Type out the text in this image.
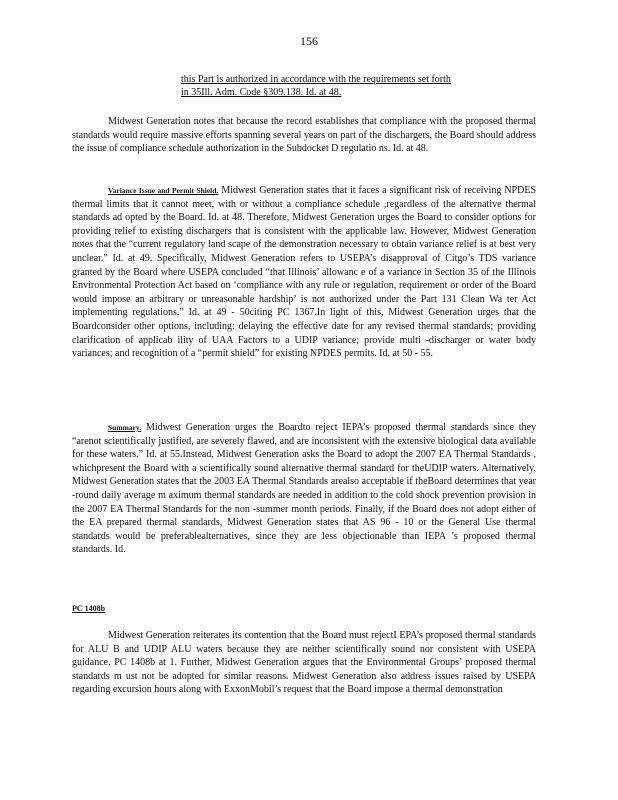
156
this Part is authorized in accordance with the requirements set forth
in 35Ill. Adm. Code §309.138. Id. at 48.
Midwest Generation notes that because the record establishes that compliance with the proposed thermal standards would require massive efforts spanning several years on part of the dischargers, the Board should address the issue of compliance schedule authorization in the Subdocket D regulatio ns. Id. at 48.
Variance Issue and Permit Shield. Midwest Generation states that it faces a significant risk of receiving NPDES thermal limits that it cannot meet, with or without a compliance schedule ,regardless of the alternative thermal standards ad opted by the Board. Id. at 48. Therefore, Midwest Generation urges the Board to consider options for providing relief to existing dischargers that is consistent with the applicable law. However, Midwest Generation notes that the “current regulatory land scape of the demonstration necessary to obtain variance relief is at best very unclear.” Id. at 49. Specifically, Midwest Generation refers to USEPA’s disapproval of Citgo’s TDS variance granted by the Board where USEPA concluded “that Illinois’ allowanc e of a variance in Section 35 of the Illinois Environmental Protection Act based on ‘compliance with any rule or regulation, requirement or order of the Board would impose an arbitrary or unreasonable hardship’ is not authorized under the Part 131 Clean Wa ter Act implementing regulations.” Id. at 49 - 50citing PC 1367.In light of this, Midwest Generation urges that the Boardconsider other options, including: delaying the effective date for any revised thermal standards; providing clarification of applicab ility of UAA Factors to a UDIP variance; provide multi -discharger or water body variances; and recognition of a “permit shield” for existing NPDES permits. Id. at 50 - 55.
Summary. Midwest Generation urges the Boardto reject IEPA’s proposed thermal standards since they “arenot scientifically justified, are severely flawed, and are inconsistent with the extensive biological data available for these waters.” Id. at 55.Instead, Midwest Generation asks the Board to adopt the 2007 EA Thermal Standards , whichpresent the Board with a scientifically sound alternative thermal standard for theUDIP waters. Alternatively, Midwest Generation states that the 2003 EA Thermal Standards arealso acceptable if theBoard determines that year -round daily average m aximum thermal standards are needed in addition to the cold shock prevention provision in the 2007 EA Thermal Standards for the non -summer month periods. Finally, if the Board does not adopt either of the EA prepared thermal standards, Midwest Generation states that AS 96 - 10 or the General Use thermal standards would be preferablealternatives, since they are less objectionable than IEPA ’s proposed thermal standards. Id.
PC 1408b
Midwest Generation reiterates its contention that the Board must rejectI EPA’s proposed thermal standards for ALU B and UDIP ALU waters because they are neither scientifically sound nor consistent with USEPA guidance. PC 1408b at 1. Further, Midwest Generation argues that the Environmental Groups’ proposed thermal standards m ust not be adopted for similar reasons. Midwest Generation also address issues raised by USEPA regarding excursion hours along with ExxonMobil’s request that the Board impose a thermal demonstration
